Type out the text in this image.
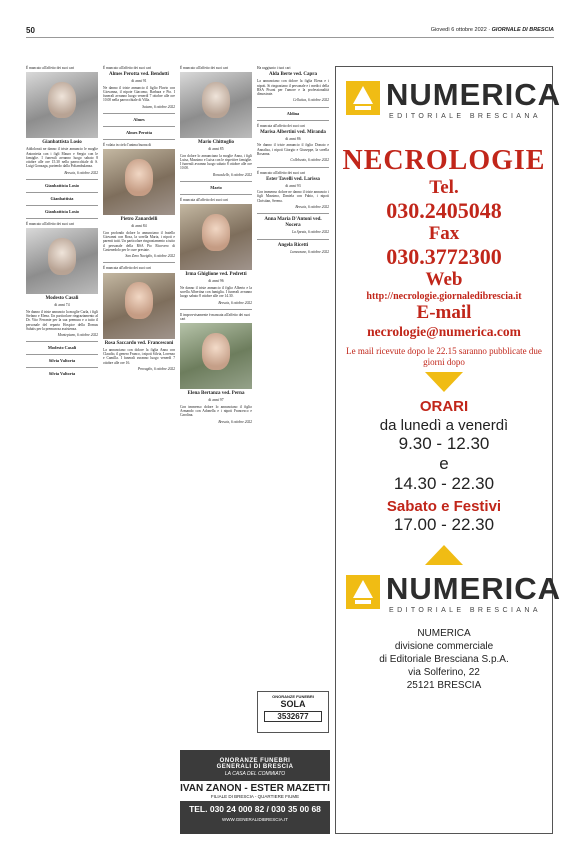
50	Giovedì 6 ottobre 2022 · GIORNALE DI BRESCIA
È mancato all'affetto dei suoi cari
Gianbattista Losio

Addolorati ne danno il triste annuncio le moglie Antonietta con i figli Mauro e Sergio con le famiglie. I funerali avranno luogo sabato 8 ottobre alle ore 15.30 nella parrocchiale di S. Luigi Gonzaga, partendo dalla Poliambulanza.

Brescia, 6 ottobre 2022
Gianbattista Losio
Gianbattista
Gianbattista Losio
È mancato all'affetto dei suoi cari
Modesto Casali
di anni 74

Ne danno il triste annuncio la moglie Carla, i figli Stefano e Elena. Un particolare ringraziamento al Dr. Vito Ferrante per la sua premura e a tutto il personale del reparto Hospice della Domus Salutis per la premurosa assistenza.

Montepiano, 6 ottobre 2022
Modesto Casali
Silvia Valtorta
Silvia Valtorta
È mancato all'affetto dei suoi cari
Almes Perotta ved. Bendotti
di anni 91

Ne danno il triste annuncio il figlio Flavio con Giovanna, il nipote Giacomo, Barbara e Pio. I funerali avranno luogo venerdì 7 ottobre alle ore 10.00 nella parrocchiale di Villa.

Saiano, 6 ottobre 2022
Almes
Almes Perotta
È volata in cielo l'anima buona di
Pietro Zanardelli
di anni 84

Con profondo dolore lo annunciano il fratello Giovanni con Rosa, la sorella Maria, i nipoti e parenti tutti. Un particolare ringraziamento a tutto il personale della RSA Pio Ricovero di Castenedolo per le cure prestate.

San Zeno Naviglio, 6 ottobre 2022
È mancata all'affetto dei suoi cari
Rosa Saccardo ved. Francesconi

La annunciano con dolore la figlia Anna con Claudio, il genero Franco, i nipoti Silvia, Lorenzo e Camilla. I funerali avranno luogo venerdì 7 ottobre alle ore 16.

Provaglio, 6 ottobre 2022
È mancato all'affetto dei suoi cari
Mario Chittoglio
di anni 85

Con dolore lo annunciano la moglie Anna, i figli Luisa, Massimo e Luisa con le rispettive famiglie. I funerali avranno luogo sabato 8 ottobre alle ore 10.00.

Roncadelle, 6 ottobre 2022
Mario
È mancata all'affetto dei suoi cari
Irma Ghiglione ved. Pedretti
di anni 96

Ne danno il triste annuncio il figlio Alberto e la sorella Albertina con famiglia. I funerali avranno luogo sabato 8 ottobre alle ore 14.30.

Brescia, 6 ottobre 2022
Il improvvisamente è mancata all'affetto dei suoi cari
Elena Bertanza ved. Perna
di anni 97

Con immenso dolore lo annunciano il figlio Armando con Adonella e i nipoti Francesco e Carolina.

Brescia, 6 ottobre 2022
Ha raggiunto i tuoi cari
Alda Berte ved. Capra

La annunciano con dolore la figlia Elena e i nipoti. Si ringraziano il personale e i medici della RSA Pisoni per l'amore e la professionalità dimostrate.

Cellatica, 6 ottobre 2022
Aldina
È mancata all'affetto dei suoi cari
Marisa Albertini ved. Miranda
di anni 86

Ne danno il triste annuncio il figlio Donato e Annalisa, i nipoti Giorgio e Giuseppe, la sorella Rosanna.

Collebeato, 6 ottobre 2022
È mancato all'affetto dei suoi cari
Ester Tavelli ved. Larissa
di anni 93

Con immenso dolore ne danno il triste annuncio i figli Massimo, Daniela con Fabio, i nipoti Christian, Serena.

Brescia, 6 ottobre 2022
Anna Maria D'Antoni ved. Nocera
La Spezia, 6 ottobre 2022
Angela Ricetti
Lumezzane, 6 ottobre 2022
ONORANZE FUNEBRI
SOLA
3532677
ONORANZE FUNEBRI
GENERALI DI BRESCIA
LA CASA DEL COMMIATO
IVAN ZANON - ESTER MAZETTI
FILIALE DI BRESCIA - QUARTIERE FIUME
TEL. 030 24 000 82 / 030 35 00 68
WWW.GENERALIDIBRESCIA.IT
NUMERICA
EDITORIALE BRESCIANA
NECROLOGIE
Tel.
030.2405048
Fax
030.3772300
Web
http://necrologie.giornaledibrescia.it
E-mail
necrologie@numerica.com
Le mail ricevute dopo le 22.15 saranno pubblicate due giorni dopo
ORARI
da lunedì a venerdì
9.30 - 12.30
e
14.30 - 22.30
Sabato e Festivi
17.00 - 22.30
NUMERICA
EDITORIALE BRESCIANA
NUMERICA
divisione commerciale
di Editoriale Bresciana S.p.A.
via Solferino, 22
25121 BRESCIA
